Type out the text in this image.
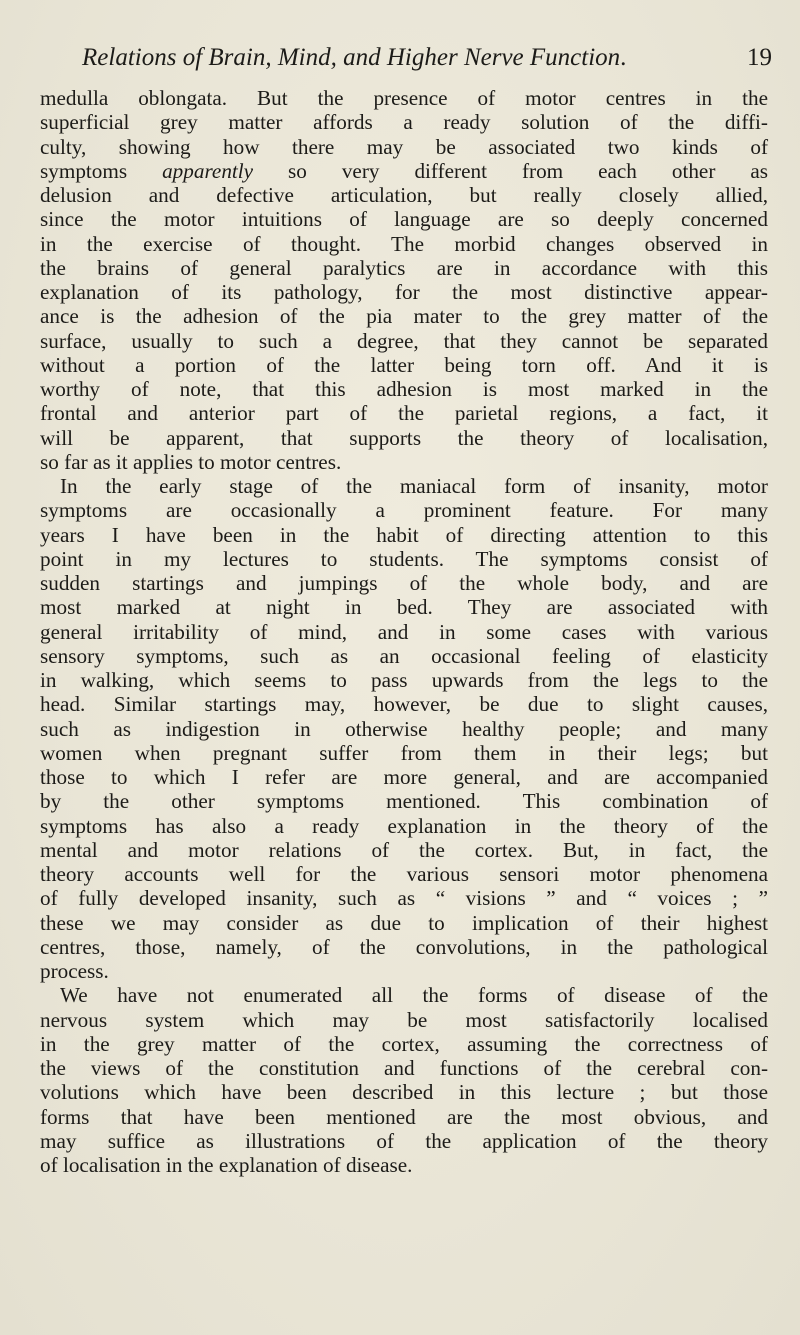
Relations of Brain, Mind, and Higher Nerve Function.	19
medulla oblongata. But the presence of motor centres in the
superficial grey matter affords a ready solution of the diffi-
culty, showing how there may be associated two kinds of
symptoms apparently so very different from each other as
delusion and defective articulation, but really closely allied,
since the motor intuitions of language are so deeply concerned
in the exercise of thought. The morbid changes observed in
the brains of general paralytics are in accordance with this
explanation of its pathology, for the most distinctive appear-
ance is the adhesion of the pia mater to the grey matter of the
surface, usually to such a degree, that they cannot be separated
without a portion of the latter being torn off. And it is
worthy of note, that this adhesion is most marked in the
frontal and anterior part of the parietal regions, a fact, it
will be apparent, that supports the theory of localisation,
so far as it applies to motor centres.
In the early stage of the maniacal form of insanity, motor
symptoms are occasionally a prominent feature. For many
years I have been in the habit of directing attention to this
point in my lectures to students. The symptoms consist of
sudden startings and jumpings of the whole body, and are
most marked at night in bed. They are associated with
general irritability of mind, and in some cases with various
sensory symptoms, such as an occasional feeling of elasticity
in walking, which seems to pass upwards from the legs to the
head. Similar startings may, however, be due to slight causes,
such as indigestion in otherwise healthy people; and many
women when pregnant suffer from them in their legs; but
those to which I refer are more general, and are accompanied
by the other symptoms mentioned. This combination of
symptoms has also a ready explanation in the theory of the
mental and motor relations of the cortex. But, in fact, the
theory accounts well for the various sensori motor phenomena
of fully developed insanity, such as “ visions ” and “ voices ; ”
these we may consider as due to implication of their highest
centres, those, namely, of the convolutions, in the pathological
process.
We have not enumerated all the forms of disease of the
nervous system which may be most satisfactorily localised
in the grey matter of the cortex, assuming the correctness of
the views of the constitution and functions of the cerebral con-
volutions which have been described in this lecture ; but those
forms that have been mentioned are the most obvious, and
may suffice as illustrations of the application of the theory
of localisation in the explanation of disease.
